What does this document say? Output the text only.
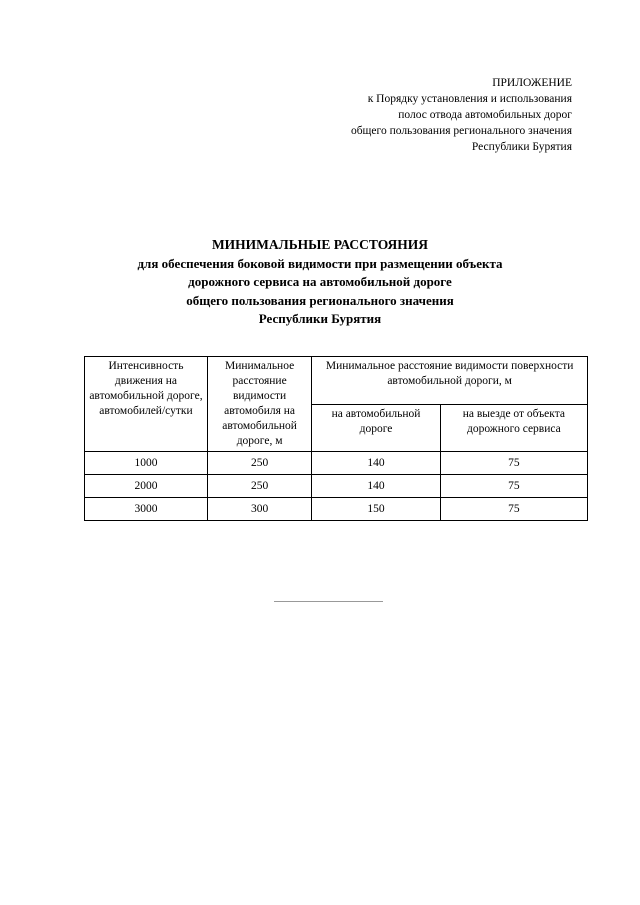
ПРИЛОЖЕНИЕ
к Порядку установления и использования
полос отвода автомобильных дорог
общего пользования регионального значения
Республики Бурятия
МИНИМАЛЬНЫЕ РАССТОЯНИЯ
для обеспечения боковой видимости при размещении объекта
дорожного сервиса на автомобильной дороге
общего пользования регионального значения
Республики Бурятия
Интенсивность движения на автомобильной дороге, автомобилей/сутки	Минимальное расстояние видимости автомобиля на автомобильной дороге, м	Минимальное расстояние видимости поверхности автомобильной дороги, м	
		на автомобильной дороге	на выезде от объекта дорожного сервиса
1000	250	140	75
2000	250	140	75
3000	300	150	75
